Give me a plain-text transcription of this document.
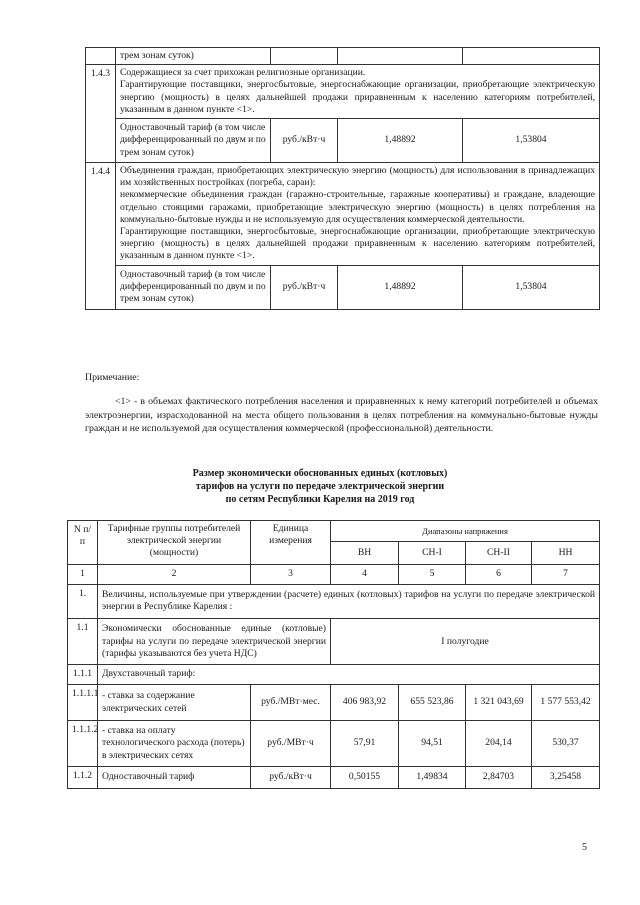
	трем зонам суток)			
1.4.3	Содержащиеся за счет прихожан религиозные организации.
Гарантирующие поставщики, энергосбытовые, энергоснабжающие организации, приобретающие электрическую энергию (мощность) в целях дальнейшей продажи приравненным к населению категориям потребителей, указанным в данном пункте <1>.			

	Одноставочный тариф (в том числе дифференцированный по двум и по трем зонам суток)	руб./кВт·ч	1,48892	1,53804
1.4.4	Объединения граждан, приобретающих электрическую энергию (мощность) для использования в принадлежащих им хозяйственных постройках (погреба, сараи):
некоммерческие объединения граждан (гаражно-строительные, гаражные кооперативы) и граждане, владеющие отдельно стоящими гаражами, приобретающие электрическую энергию (мощность) в целях потребления на коммунально-бытовые нужды и не используемую для осуществления коммерческой деятельности.
Гарантирующие поставщики, энергосбытовые, энергоснабжающие организации, приобретающие электрическую энергию (мощность) в целях дальнейшей продажи приравненным к населению категориям потребителей, указанным в данном пункте <1>.			

	Одноставочный тариф (в том числе дифференцированный по двум и по трем зонам суток)	руб./кВт·ч	1,48892	1,53804
Примечание:
<1> - в объемах фактического потребления населения и приравненных к нему категорий потребителей и объемах электроэнергии, израсходованной на места общего пользования в целях потребления на коммунально-бытовые нужды граждан и не используемой для осуществления коммерческой (профессиональной) деятельности.
Размер экономически обоснованных единых (котловых)
тарифов на услуги по передаче электрической энергии
по сетям Республики Карелия на 2019 год
N п/п	Тарифные группы потребителей электрической энергии (мощности)	Единица измерения	Диапазоны напряжения			
			ВН	СН-I	СН-II	НН
1	2	3	4	5	6	7
1.	Величины, используемые при утверждении (расчете) единых (котловых) тарифов на услуги по передаче электрической энергии в Республике Карелия :					
1.1	Экономически обоснованные единые (котловые) тарифы на услуги по передаче электрической энергии (тарифы указываются без учета НДС)		I полугодие			
1.1.1	Двухставочный тариф:					
1.1.1.1	- ставка за содержание электрических сетей	руб./МВт·мес.	406 983,92	655 523,86	1 321 043,69	1 577 553,42
1.1.1.2	- ставка на оплату технологического расхода (потерь) в электрических сетях	руб./МВт·ч	57,91	94,51	204,14	530,37
1.1.2	Одноставочный тариф	руб./кВт·ч	0,50155	1,49834	2,84703	3,25458
5
